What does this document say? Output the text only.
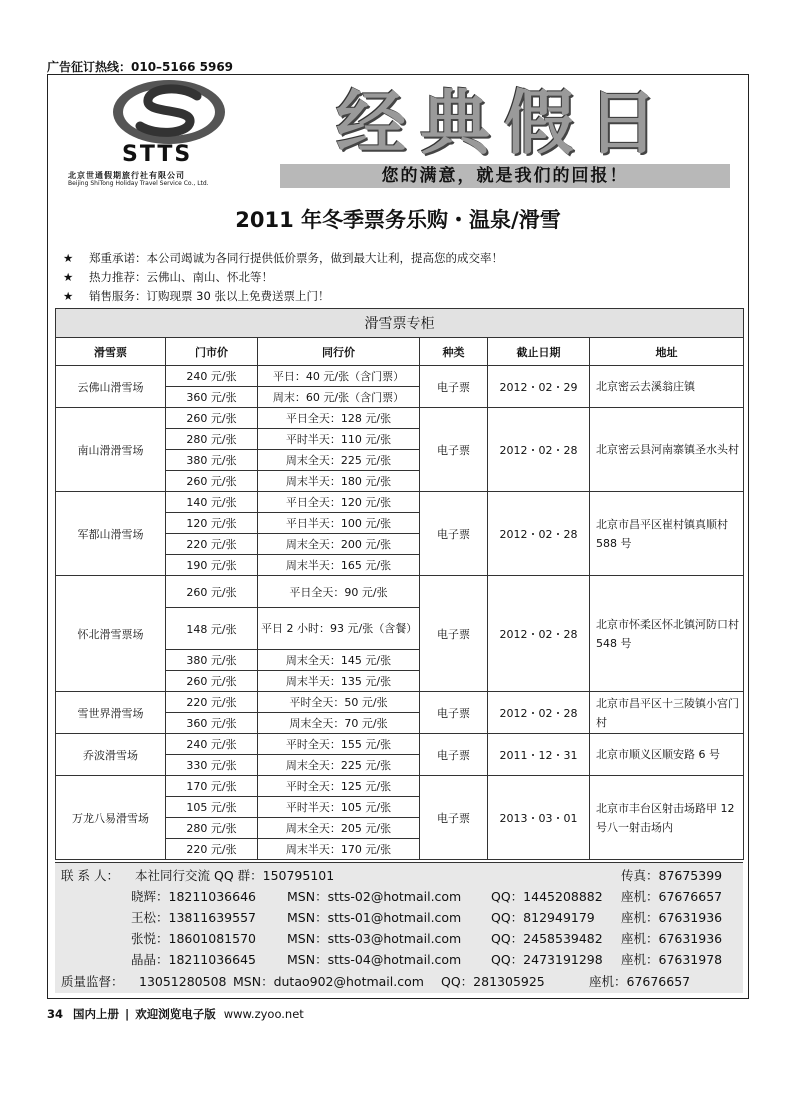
广告征订热线：010–5166 5969
STTS
北京世通假期旅行社有限公司
Beijing ShiTong Holiday Travel Service Co., Ltd.
经典假日
您的满意，就是我们的回报！
2011 年冬季票务乐购・温泉/滑雪
★ 郑重承诺：本公司竭诚为各同行提供低价票务，做到最大让利，提高您的成交率！
★ 热力推荐：云佛山、南山、怀北等！
★ 销售服务：订购现票 30 张以上免费送票上门！
滑雪票专柜					
滑雪票	门市价	同行价	种类	截止日期	地址
云佛山滑雪场	240 元/张	平日：40 元/张（含门票）	电子票	2012・02・29	北京密云去溪翁庄镇
	360 元/张	周末：60 元/张（含门票）			
南山滑滑雪场	260 元/张	平日全天：128 元/张	电子票	2012・02・28	北京密云县河南寨镇圣水头村
	280 元/张	平时半天：110 元/张			
	380 元/张	周末全天：225 元/张			
	260 元/张	周末半天：180 元/张			
军都山滑雪场	140 元/张	平日全天：120 元/张	电子票	2012・02・28	北京市昌平区崔村镇真顺村 588 号
	120 元/张	平日半天：100 元/张			
	220 元/张	周末全天：200 元/张			
	190 元/张	周末半天：165 元/张			
怀北滑雪票场	260 元/张	平日全天：90 元/张	电子票	2012・02・28	北京市怀柔区怀北镇河防口村 548 号
	148 元/张	平日 2 小时：93 元/张（含餐）			
	380 元/张	周末全天：145 元/张			
	260 元/张	周末半天：135 元/张			
雪世界滑雪场	220 元/张	平时全天：50 元/张	电子票	2012・02・28	北京市昌平区十三陵镇小宫门村
	360 元/张	周末全天：70 元/张			
乔波滑雪场	240 元/张	平时全天：155 元/张	电子票	2011・12・31	北京市顺义区顺安路 6 号
	330 元/张	周末全天：225 元/张			
万龙八易滑雪场	170 元/张	平时全天：125 元/张	电子票	2013・03・01	北京市丰台区射击场路甲 12 号八一射击场内
	105 元/张	平时半天：105 元/张			
	280 元/张	周末全天：205 元/张			
	220 元/张	周末半天：170 元/张			
联 系 人： 本社同行交流 QQ 群：150795101	传真：87675399
晓辉：18211036646 MSN：stts-02@hotmail.com QQ：1445208882 座机：67676657
王松：13811639557 MSN：stts-01@hotmail.com QQ：812949179 座机：67631936
张悦：18601081570 MSN：stts-03@hotmail.com QQ：2458539482 座机：67631936
晶晶：18211036645 MSN：stts-04@hotmail.com QQ：2473191298 座机：67631978
质量监督： 13051280508 MSN：dutao902@hotmail.com QQ：281305925	座机：67676657
34 国内上册 | 欢迎浏览电子版 www.zyoo.net
